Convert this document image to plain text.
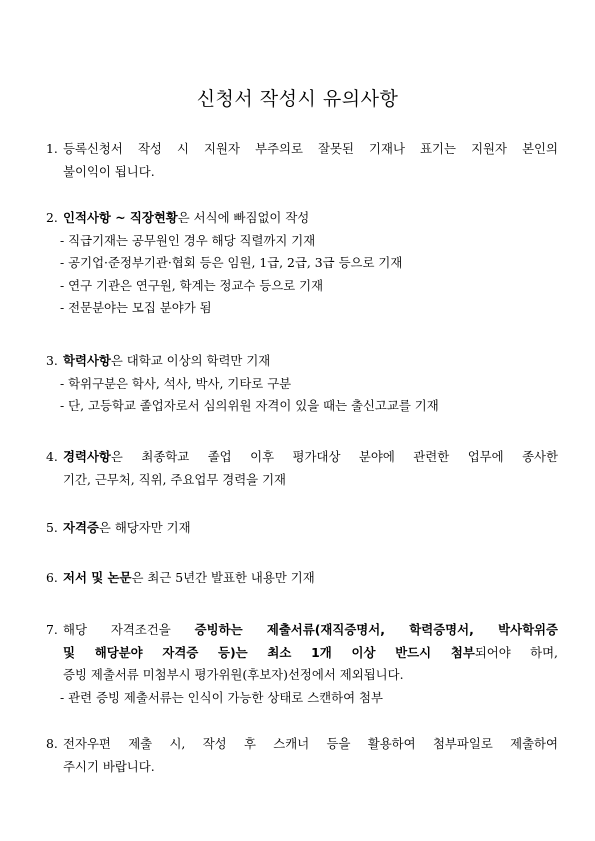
신청서 작성시 유의사항
1. 등록신청서 작성 시 지원자 부주의로 잘못된 기재나 표기는 지원자 본인의
불이익이 됩니다.
2. 인적사항 ~ 직장현황은 서식에 빠짐없이 작성
- 직급기재는 공무원인 경우 해당 직렬까지 기재
- 공기업·준정부기관·협회 등은 임원, 1급, 2급, 3급 등으로 기재
- 연구 기관은 연구원, 학계는 정교수 등으로 기재
- 전문분야는 모집 분야가 됨
3. 학력사항은 대학교 이상의 학력만 기재
- 학위구분은 학사, 석사, 박사, 기타로 구분
- 단, 고등학교 졸업자로서 심의위원 자격이 있을 때는 출신고교를 기재
4. 경력사항은 최종학교 졸업 이후 평가대상 분야에 관련한 업무에 종사한
기간, 근무처, 직위, 주요업무 경력을 기재
5. 자격증은 해당자만 기재
6. 저서 및 논문은 최근 5년간 발표한 내용만 기재
7. 해당 자격조건을 증빙하는 제출서류(재직증명서, 학력증명서, 박사학위증
및 해당분야 자격증 등)는 최소 1개 이상 반드시 첨부되어야 하며,
증빙 제출서류 미첨부시 평가위원(후보자)선정에서 제외됩니다.
- 관련 증빙 제출서류는 인식이 가능한 상태로 스캔하여 첨부
8. 전자우편 제출 시, 작성 후 스캐너 등을 활용하여 첨부파일로 제출하여
주시기 바랍니다.
